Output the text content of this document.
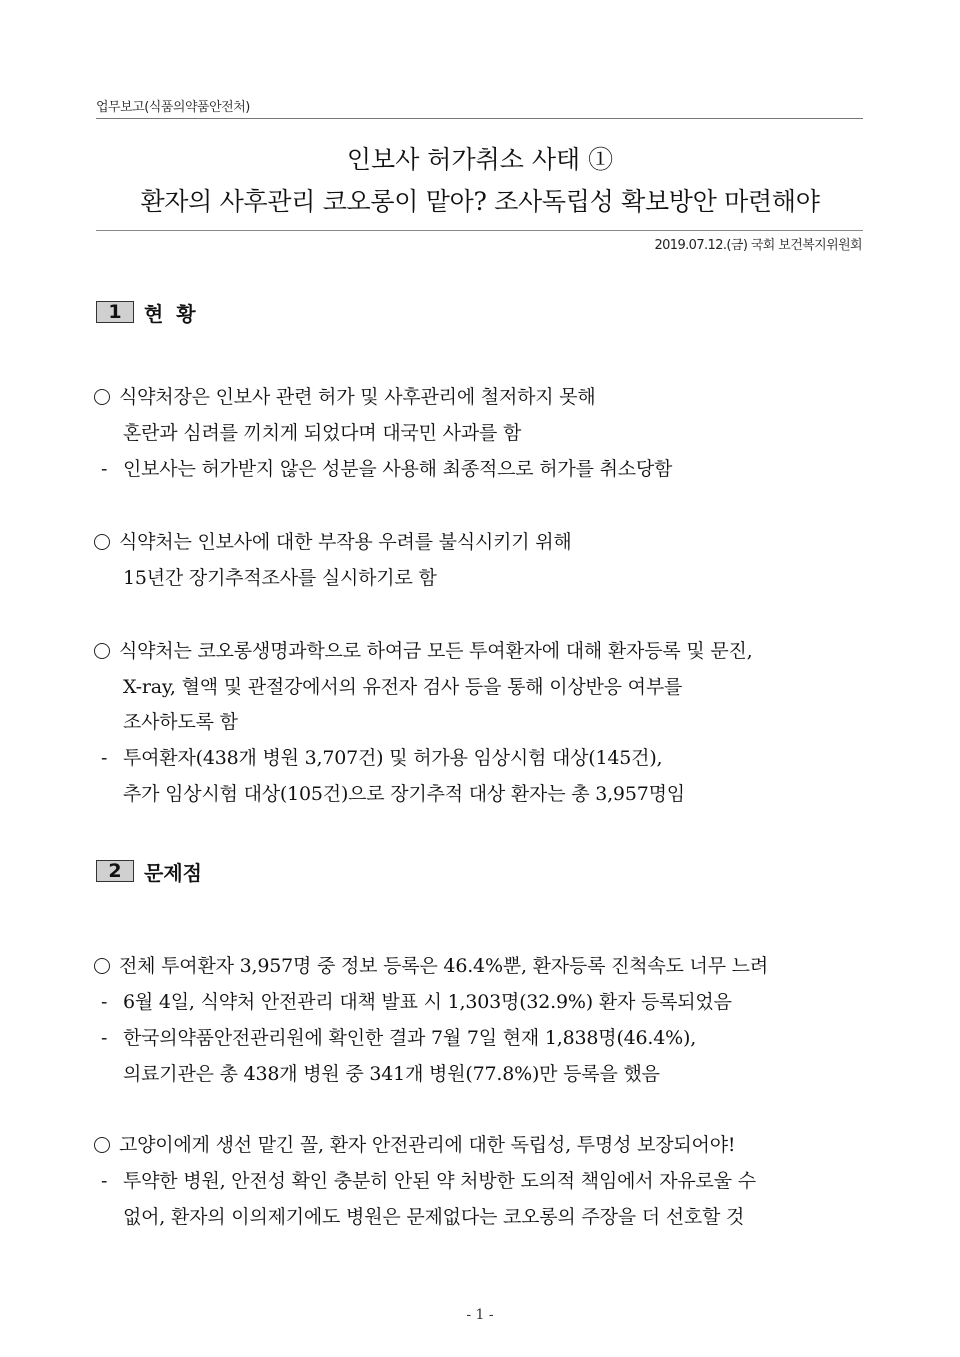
업무보고(식품의약품안전처)
인보사 허가취소 사태 ①
환자의 사후관리 코오롱이 맡아? 조사독립성 확보방안 마련해야
2019.07.12.(금) 국회 보건복지위원회
1	현 황
식약처장은 인보사 관련 허가 및 사후관리에 철저하지 못해
혼란과 심려를 끼치게 되었다며 대국민 사과를 함
- 인보사는 허가받지 않은 성분을 사용해 최종적으로 허가를 취소당함
식약처는 인보사에 대한 부작용 우려를 불식시키기 위해
15년간 장기추적조사를 실시하기로 함
식약처는 코오롱생명과학으로 하여금 모든 투여환자에 대해 환자등록 및 문진,
X-ray, 혈액 및 관절강에서의 유전자 검사 등을 통해 이상반응 여부를
조사하도록 함
- 투여환자(438개 병원 3,707건) 및 허가용 임상시험 대상(145건),
추가 임상시험 대상(105건)으로 장기추적 대상 환자는 총 3,957명임
2	문제점
전체 투여환자 3,957명 중 정보 등록은 46.4%뿐, 환자등록 진척속도 너무 느려
- 6월 4일, 식약처 안전관리 대책 발표 시 1,303명(32.9%) 환자 등록되었음
- 한국의약품안전관리원에 확인한 결과 7월 7일 현재 1,838명(46.4%),
의료기관은 총 438개 병원 중 341개 병원(77.8%)만 등록을 했음
고양이에게 생선 맡긴 꼴, 환자 안전관리에 대한 독립성, 투명성 보장되어야!
- 투약한 병원, 안전성 확인 충분히 안된 약 처방한 도의적 책임에서 자유로울 수
없어, 환자의 이의제기에도 병원은 문제없다는 코오롱의 주장을 더 선호할 것
- 1 -
